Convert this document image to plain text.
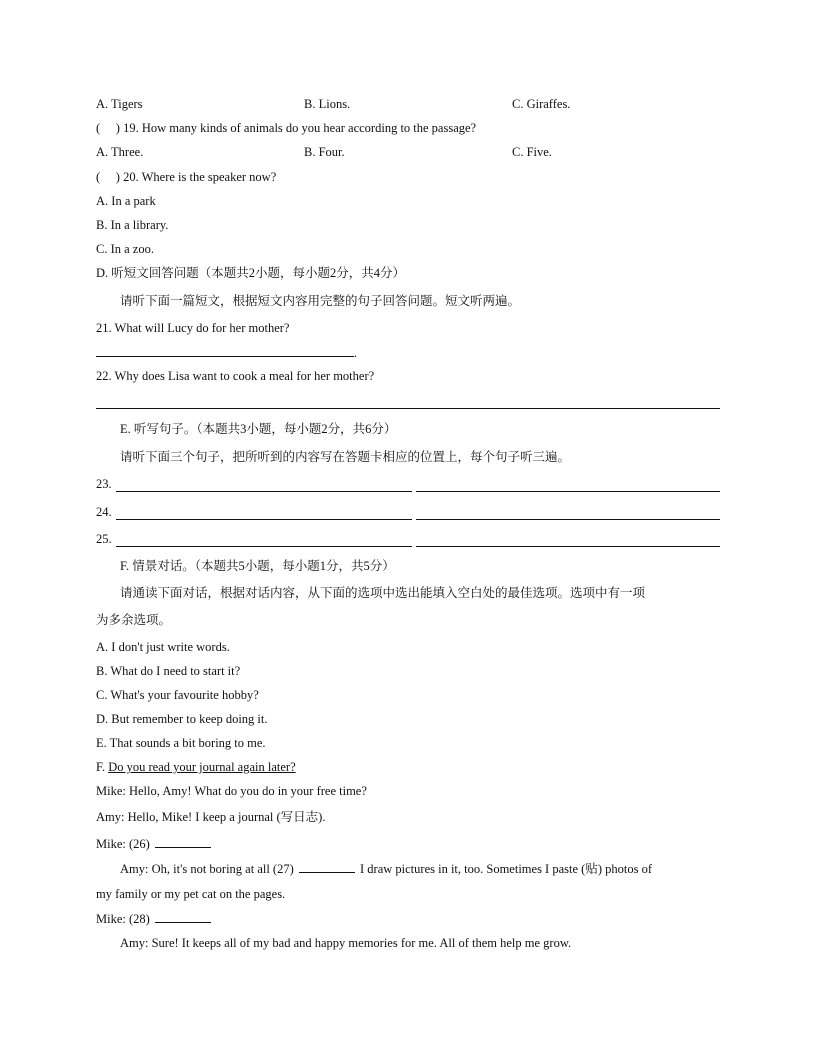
A. Tigers	B. Lions.	C. Giraffes.
(　 ) 19. How many kinds of animals do you hear according to the passage?
A. Three.	B. Four.	C. Five.
(　 ) 20. Where is the speaker now?
A. In a park
B. In a library.
C. In a zoo.
D. 听短文回答问题（本题共2小题，每小题2分，共4分）
请听下面一篇短文，根据短文内容用完整的句子回答问题。短文听两遍。
21. What will Lucy do for her mother?
.
22. Why does Lisa want to cook a meal for her mother?
E. 听写句子。（本题共3小题，每小题2分，共6分）
请听下面三个句子，把所听到的内容写在答题卡相应的位置上，每个句子听三遍。
23.
24.
25.
F. 情景对话。（本题共5小题，每小题1分，共5分）
请通读下面对话，根据对话内容，从下面的选项中选出能填入空白处的最佳选项。选项中有一项
为多余选项。
A. I don't just write words.
B. What do I need to start it?
C. What's your favourite hobby?
D. But remember to keep doing it.
E. That sounds a bit boring to me.
F. Do you read your journal again later?
Mike: Hello, Amy! What do you do in your free time?
Amy: Hello, Mike! I keep a journal (写日志).
Mike: (26)
Amy: Oh, it's not boring at all (27)	I draw pictures in it, too. Sometimes I paste (贴) photos of
my family or my pet cat on the pages.
Mike: (28)
Amy: Sure! It keeps all of my bad and happy memories for me. All of them help me grow.
